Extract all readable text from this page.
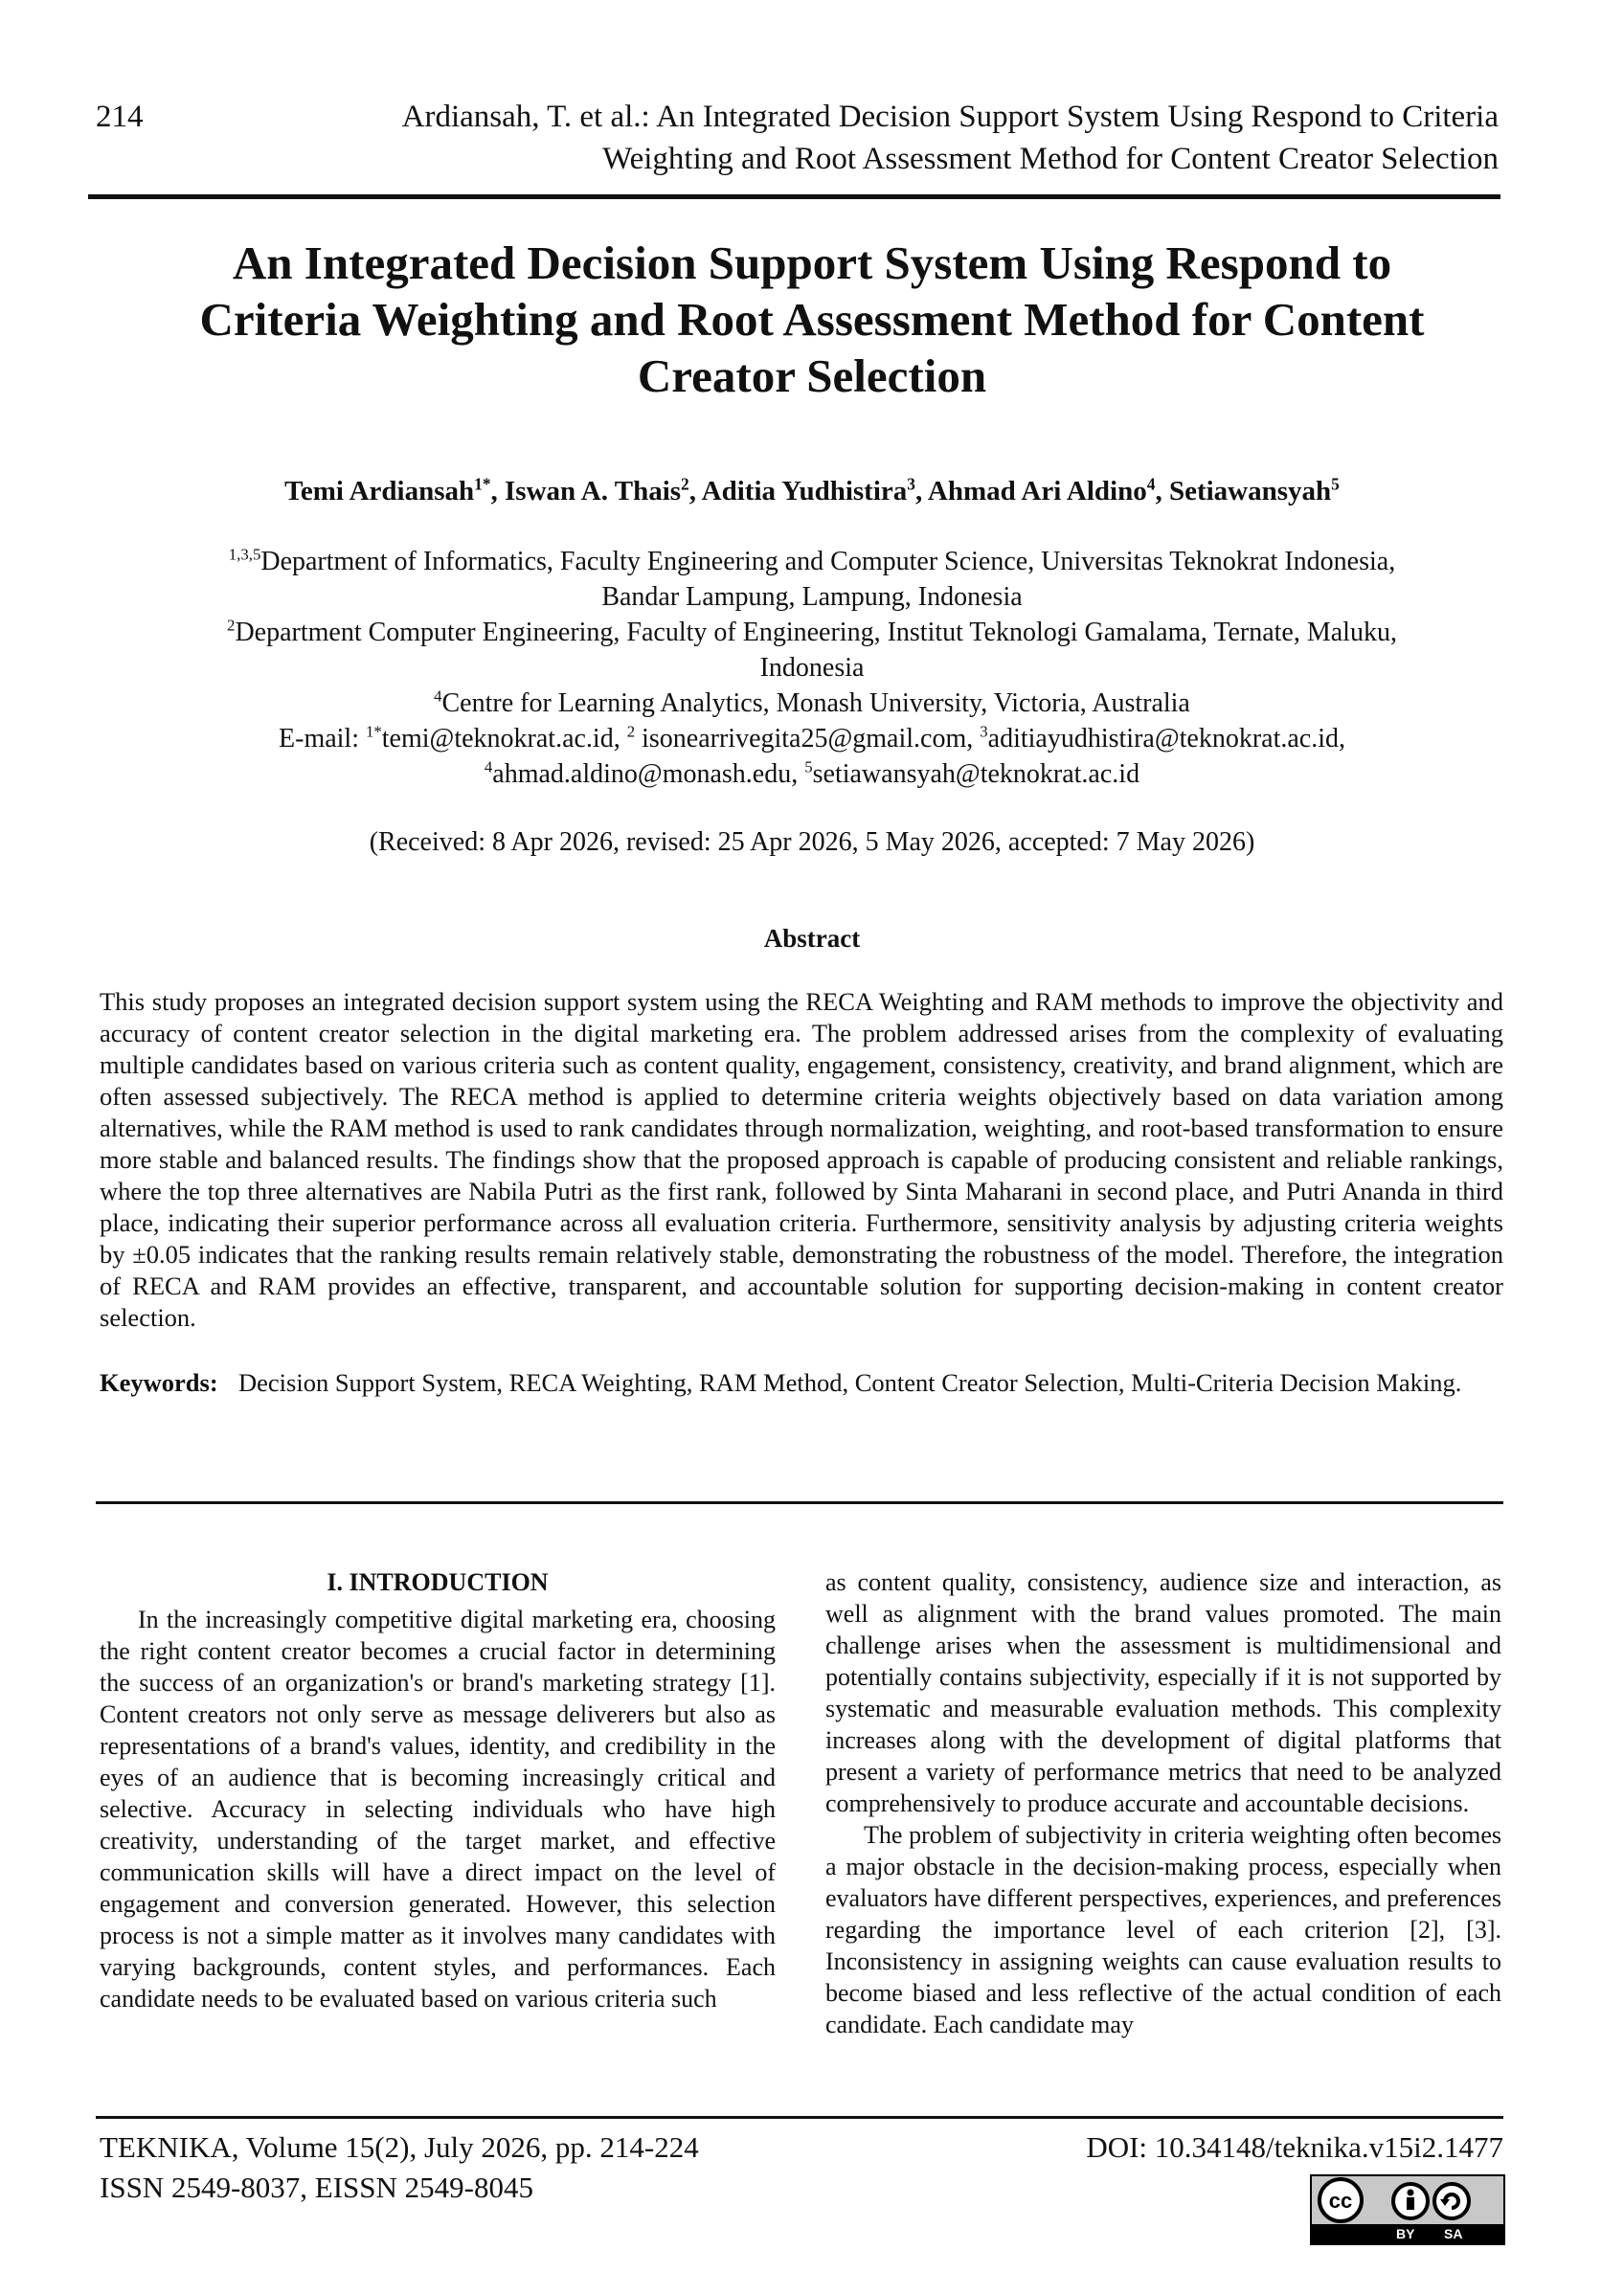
214	Ardiansah, T. et al.: An Integrated Decision Support System Using Respond to Criteria
Weighting and Root Assessment Method for Content Creator Selection
An Integrated Decision Support System Using Respond to
Criteria Weighting and Root Assessment Method for Content
Creator Selection
Temi Ardiansah$^{1*}$, Iswan A. Thais$^2$, Aditia Yudhistira$^3$, Ahmad Ari Aldino$^4$, Setiawansyah$^5$
$^{1,3,5}$Department of Informatics, Faculty Engineering and Computer Science, Universitas Teknokrat Indonesia,
Bandar Lampung, Lampung, Indonesia
$^2$Department Computer Engineering, Faculty of Engineering, Institut Teknologi Gamalama, Ternate, Maluku,
Indonesia
$^4$Centre for Learning Analytics, Monash University, Victoria, Australia
E-mail: $^{1*}$temi@teknokrat.ac.id, $^2$ isonearrivegita25@gmail.com, $^3$aditiayudhistira@teknokrat.ac.id,
$^4$ahmad.aldino@monash.edu, $^5$setiawansyah@teknokrat.ac.id
(Received: 8 Apr 2026, revised: 25 Apr 2026, 5 May 2026, accepted: 7 May 2026)
Abstract
This study proposes an integrated decision support system using the RECA Weighting and RAM methods to improve the objectivity and accuracy of content creator selection in the digital marketing era. The problem addressed arises from the complexity of evaluating multiple candidates based on various criteria such as content quality, engagement, consistency, creativity, and brand alignment, which are often assessed subjectively. The RECA method is applied to determine criteria weights objectively based on data variation among alternatives, while the RAM method is used to rank candidates through normalization, weighting, and root-based transformation to ensure more stable and balanced results. The findings show that the proposed approach is capable of producing consistent and reliable rankings, where the top three alternatives are Nabila Putri as the first rank, followed by Sinta Maharani in second place, and Putri Ananda in third place, indicating their superior performance across all evaluation criteria. Furthermore, sensitivity analysis by adjusting criteria weights by ±0.05 indicates that the ranking results remain relatively stable, demonstrating the robustness of the model. Therefore, the integration of RECA and RAM provides an effective, transparent, and accountable solution for supporting decision-making in content creator selection.
Keywords: Decision Support System, RECA Weighting, RAM Method, Content Creator Selection, Multi-Criteria Decision Making.

I. INTRODUCTION

In the increasingly competitive digital marketing era, choosing the right content creator becomes a crucial factor in determining the success of an organization's or brand's marketing strategy [1]. Content creators not only serve as message deliverers but also as representations of a brand's values, identity, and credibility in the eyes of an audience that is becoming increasingly critical and selective. Accuracy in selecting individuals who have high creativity, understanding of the target market, and effective communication skills will have a direct impact on the level of engagement and conversion generated. However, this selection process is not a simple matter as it involves many candidates with varying backgrounds, content styles, and performances. Each candidate needs to be evaluated based on various criteria such

as content quality, consistency, audience size and interaction, as well as alignment with the brand values promoted. The main challenge arises when the assessment is multidimensional and potentially contains subjectivity, especially if it is not supported by systematic and measurable evaluation methods. This complexity increases along with the development of digital platforms that present a variety of performance metrics that need to be analyzed comprehensively to produce accurate and accountable decisions.

The problem of subjectivity in criteria weighting often becomes a major obstacle in the decision-making process, especially when evaluators have different perspectives, experiences, and preferences regarding the importance level of each criterion [2], [3]. Inconsistency in assigning weights can cause evaluation results to become biased and less reflective of the actual condition of each candidate. Each candidate may

TEKNIKA, Volume 15(2), July 2026, pp. 214-224
ISSN 2549-8037, EISSN 2549-8045
DOI: 10.34148/teknika.v15i2.1477
cc
BY SA
